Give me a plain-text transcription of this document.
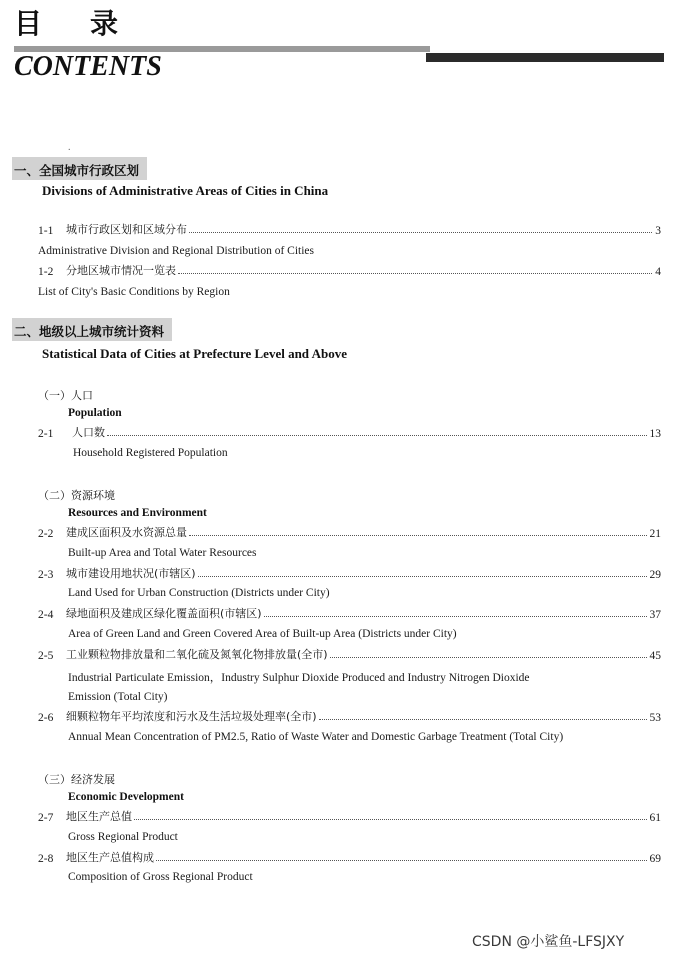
目录
CONTENTS
.
一、全国城市行政区划
Divisions of Administrative Areas of Cities in China
1-1	城市行政区划和区域分布	3
Administrative Division and Regional Distribution of Cities
1-2	分地区城市情况一览表	4
List of City's Basic Conditions by Region
二、地级以上城市统计资料
Statistical Data of Cities at Prefecture Level and Above
（一）人口
Population
2-1	人口数	13
Household Registered Population
（二）资源环境
Resources and Environment
2-2	建成区面积及水资源总量	21
Built-up Area and Total Water Resources
2-3	城市建设用地状况(市辖区)	29
Land Used for Urban Construction (Districts under City)
2-4	绿地面积及建成区绿化覆盖面积(市辖区)	37
Area of Green Land and Green Covered Area of Built-up Area (Districts under City)
2-5	工业颗粒物排放量和二氧化硫及氮氧化物排放量(全市)	45
Industrial Particulate Emission，Industry Sulphur Dioxide Produced and Industry Nitrogen Dioxide
Emission (Total City)
2-6	细颗粒物年平均浓度和污水及生活垃圾处理率(全市)	53
Annual Mean Concentration of PM2.5, Ratio of Waste Water and Domestic Garbage Treatment (Total City)
（三）经济发展
Economic Development
2-7	地区生产总值	61
Gross Regional Product
2-8	地区生产总值构成	69
Composition of Gross Regional Product
CSDN @小鲨鱼-LFSJXY
